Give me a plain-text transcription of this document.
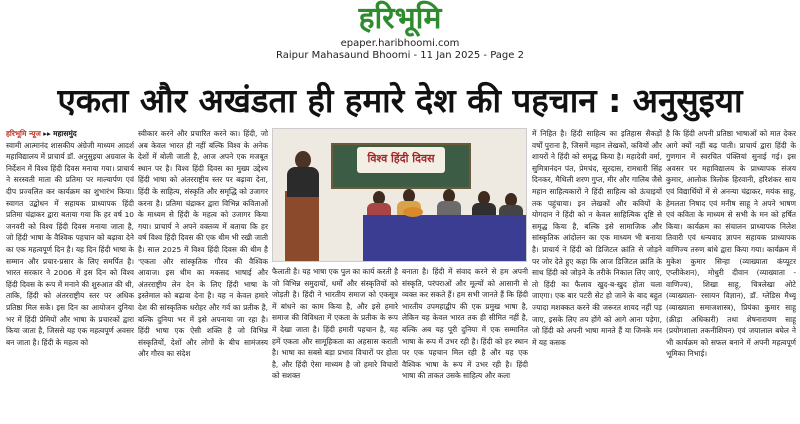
हरिभूमि
epaper.haribhoomi.com
Raipur Mahasaund Bhoomi - 11 Jan 2025 - Page 2
एकता और अखंडता ही हमारे देश की पहचान : अनुसुइया

हरिभूमि न्यूज ▸▸ महासमुंद

स्वामी आत्मानंद शासकीय अंग्रेजी माध्यम आदर्श महाविद्यालय में प्राचार्य डॉ. अनुसुइया अग्रवाल के निर्देशन में विश्व हिंदी दिवस मनाया गया। प्राचार्य ने सरस्वती माता की प्रतिमा पर माल्यार्पण एवं दीप प्रज्वलित कर कार्यक्रम का शुभारंभ किया। स्वागत उद्बोधन में सहायक प्राध्यापक हिंदी प्रतिमा चंद्राकर द्वारा बताया गया कि हर वर्ष 10 जनवरी को विश्व हिंदी दिवस मनाया जाता है, जो हिंदी भाषा के वैश्विक पहचान को बढ़ावा देने का एक महत्वपूर्ण दिन है। यह दिन हिंदी भाषा के सम्मान और प्रचार-प्रसार के लिए समर्पित है। भारत सरकार ने 2006 में इस दिन को विश्व हिंदी दिवस के रूप में मनाने की शुरुआत की थी, ताकि, हिंदी को अंतरराष्ट्रीय स्तर पर अधिक प्रतिष्ठा मिल सके। इस दिन का आयोजन दुनिया भर में हिंदी प्रेमियों और भाषा के प्रचारकों द्वारा किया जाता है, जिससे यह एक महत्वपूर्ण अवसर बन जाता है। हिंदी के महत्व को

स्वीकार करने और प्रचारित करने का। हिंदी, जो अब केवल भारत ही नहीं बल्कि विश्व के अनेक देशों में बोली जाती है, आज अपने एक मजबूत स्थान पर है। विश्व हिंदी दिवस का मुख्य उद्देश्य हिंदी भाषा को अंतरराष्ट्रीय स्तर पर बढ़ावा देना, हिंदी के साहित्य, संस्कृति और समृद्धि को उजागर करना है। प्रतिमा चंद्राकर द्वारा विभिन्न कविताओं के माध्यम से हिंदी के महत्व को उजागर किया गया। प्राचार्य ने अपने वक्तव्य में बताया कि हर वर्ष विश्व हिंदी दिवस की एक थीम भी रखी जाती है। साल 2025 में विश्व हिंदी दिवस की थीम है 'एकता और सांस्कृतिक गौरव की वैश्विक आवाज। इस थीम का मकसद भाषाई और अंतरराष्ट्रीय लेन देन के लिए हिंदी भाषा के इस्तेमाल को बढ़ावा देना है। यह न केवल हमारे देश की सांस्कृतिक धरोहर और गर्व का प्रतीक है, बल्कि दुनिया भर में इसे अपनाया जा रहा है। हिंदी भाषा एक ऐसी शक्ति है जो विभिन्न संस्कृतियों, देशों और लोगों के बीच सामंजस्य और गौरव का संदेश

विश्व हिंदी दिवस

फैलाती है। यह भाषा एक पुल का कार्य करती है जो विभिन्न समुदायों, धर्मों और संस्कृतियों को जोड़ती है। हिंदी ने भारतीय समाज को एकसूत्र में बांधने का काम किया है, और इसे हमारे समाज की विविधता में एकता के प्रतीक के रूप में देखा जाता है। हिंदी हमारी पहचान है, यह हमें एकता और सामूहिकता का अहसास कराती है। भाषा का सबसे बड़ा प्रभाव विचारों पर होता है, और हिंदी ऐसा माध्यम है जो हमारे विचारों को सशक्त

बनाता है। हिंदी में संवाद करने से हम अपनी संस्कृति, परंपराओं और मूल्यों को आसानी से व्यक्त कर सकते हैं। हम सभी जानते हैं कि हिंदी भारतीय उपमहाद्वीप की एक प्रमुख भाषा है, लेकिन यह केवल भारत तक ही सीमित नहीं है, बल्कि अब यह पूरी दुनिया में एक सम्मानित भाषा के रूप में उभर रही है। हिंदी को हर स्थान पर एक पहचान मिल रही है और यह एक वैश्विक भाषा के रूप में उभर रही है। हिंदी भाषा की ताकत उसके साहित्य और कला

में निहित है। हिंदी साहित्य का इतिहास सैकड़ों वर्षों पुराना है, जिसमें महान लेखकों, कवियों और शायरों ने हिंदी को समृद्ध किया है। महादेवी वर्मा, सुमित्रानंदन पंत, प्रेमचंद, सूरदास, रामधारी सिंह दिनकर, मैथिली शरण गुप्त, मीर और गालिब जैसे महान साहित्यकारों ने हिंदी साहित्य को ऊंचाइयों तक पहुंचाया। इन लेखकों और कवियों के योगदान ने हिंदी को न केवल साहित्यिक दृष्टि से समृद्ध किया है, बल्कि इसे सामाजिक और सांस्कृतिक आंदोलन का एक माध्यम भी बनाया है। प्राचार्य ने हिंदी को डिजिटल क्रांति से जोड़ने पर जोर देते हुए कहा कि आज डिजिटल क्रांति के साथ हिंदी को जोड़ने के तरीके निकाल लिए जाएं, तो हिंदी का फैलाव खुद-ब-खुद होता चला जाएगा। एक बार पटरी सेट हो जाने के बाद बहुत ज्यादा मशक्कत करने की जरूरत शायद नहीं पड़ जाए, इसके लिए तय होंगे को आगे आना पड़ेगा, जो हिंदी को अपनी भाषा मानते हैं या जिनके मन में यह कसक

है कि हिंदी अपनी प्रतिष्ठा भाषाओं को मात देकर आगे क्यों नहीं बढ़ पाती। प्राचार्य द्वारा हिंदी के गुणगान में स्वरचित पंक्तियां सुनाई गई। इस अवसर पर महाविद्यालय के प्राध्यापक संजय कुमार, आलोक त्रिलोक हिरवानी, हरिशंकर साय एवं विद्यार्थियों में से अनन्या चंद्राकर, मयंक साहू, हेमलता निषाद एवं मनीष साहू ने अपने भाषण एवं कविता के माध्यम से सभी के मन को हर्षित किया। कार्यक्रम का संचालन प्राध्यापक निलेश तिवारी एवं धन्यवाद ज्ञापन सहायक प्राध्यापक वाणिज्य तरुण बांधे द्वारा किया गया। कार्यक्रम में मुकेश कुमार सिन्हा (व्याख्याता कंप्यूटर एप्लीकेशन), मोधुरी दीवान (व्याख्याता - वाणिज्य), शिखा साहू, चित्रलेखा ओटे (व्याख्याता- रसायन विज्ञान), डॉ. ग्लेडिस मैथ्यू (व्याख्याता समाजशास्त्र), प्रियंका कुमार साहू (क्रीड़ा अधिकारी) तथा शेषनारायण साहू (प्रयोगशाला तकनीशियन) एवं जयालाल बघेल ने भी कार्यक्रम को सफल बनाने में अपनी महत्वपूर्ण भूमिका निभाई।
